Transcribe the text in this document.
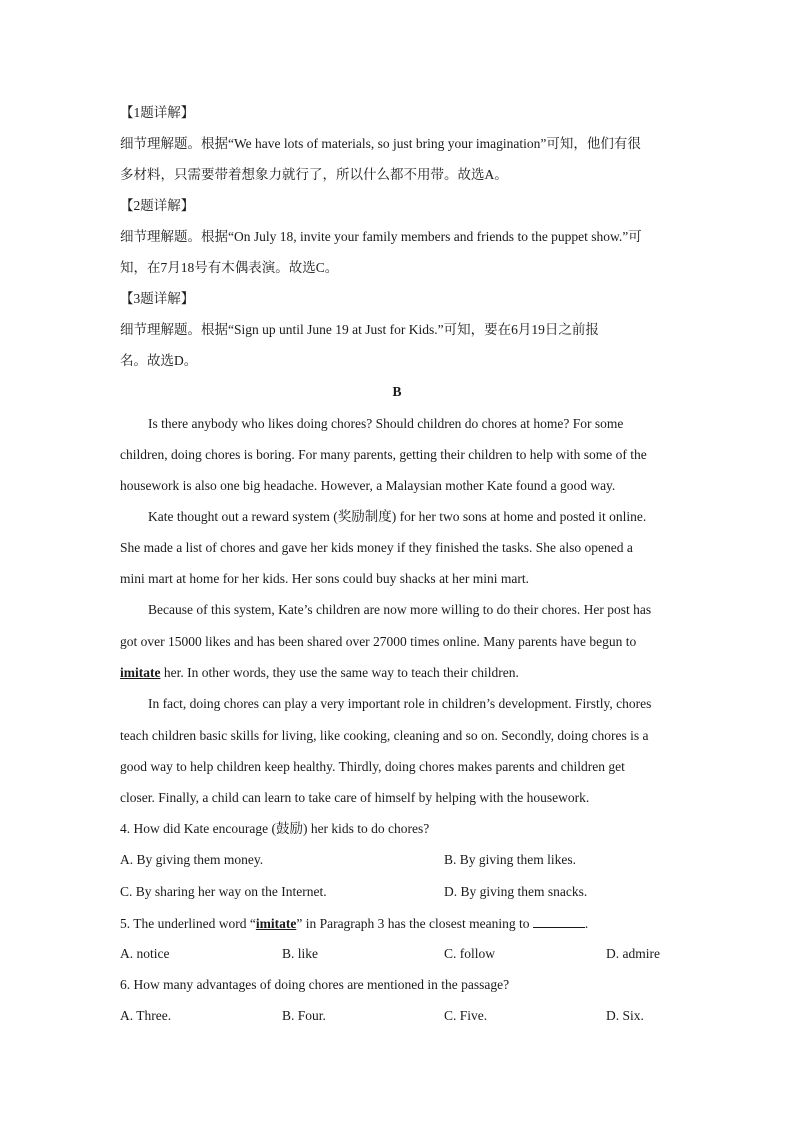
【1题详解】
细节理解题。根据“We have lots of materials, so just bring your imagination”可知，他们有很
多材料，只需要带着想象力就行了，所以什么都不用带。故选A。
【2题详解】
细节理解题。根据“On July 18, invite your family members and friends to the puppet show.”可
知，在7月18号有木偶表演。故选C。
【3题详解】
细节理解题。根据“Sign up until June 19 at Just for Kids.”可知，要在6月19日之前报
名。故选D。
B
Is there anybody who likes doing chores? Should children do chores at home? For some
children, doing chores is boring. For many parents, getting their children to help with some of the
housework is also one big headache. However, a Malaysian mother Kate found a good way.
Kate thought out a reward system (奖励制度) for her two sons at home and posted it online.
She made a list of chores and gave her kids money if they finished the tasks. She also opened a
mini mart at home for her kids. Her sons could buy shacks at her mini mart.
Because of this system, Kate’s children are now more willing to do their chores. Her post has
got over 15000 likes and has been shared over 27000 times online. Many parents have begun to
imitate her. In other words, they use the same way to teach their children.
In fact, doing chores can play a very important role in children’s development. Firstly, chores
teach children basic skills for living, like cooking, cleaning and so on. Secondly, doing chores is a
good way to help children keep healthy. Thirdly, doing chores makes parents and children get
closer. Finally, a child can learn to take care of himself by helping with the housework.
4. How did Kate encourage (鼓励) her kids to do chores?
A. By giving them money.	B. By giving them likes.
C. By sharing her way on the Internet.	D. By giving them snacks.
5. The underlined word “imitate” in Paragraph 3 has the closest meaning to	.
A. notice	B. like	C. follow	D. admire
6. How many advantages of doing chores are mentioned in the passage?
A. Three.	B. Four.	C. Five.	D. Six.
